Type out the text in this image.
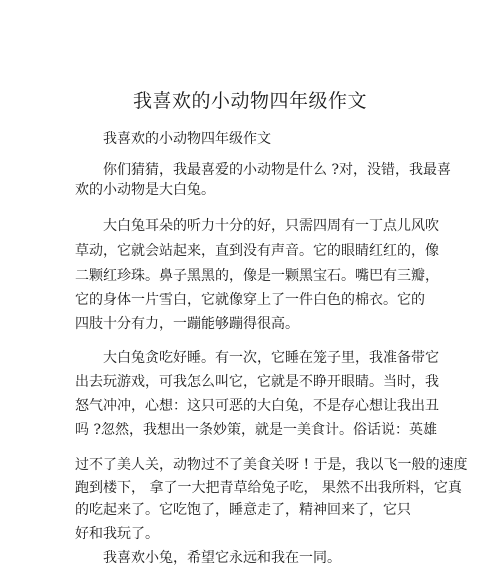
我喜欢的小动物四年级作文
我喜欢的小动物四年级作文
你们猜猜，我最喜爱的小动物是什么 ?对，没错，我最喜
欢的小动物是大白兔。
大白兔耳朵的听力十分的好，只需四周有一丁点儿风吹
草动，它就会站起来，直到没有声音。它的眼睛红红的，像
二颗红珍珠。鼻子黑黑的，像是一颗黑宝石。嘴巴有三瓣，
它的身体一片雪白，它就像穿上了一件白色的棉衣。它的
四肢十分有力，一蹦能够蹦得很高。
大白兔贪吃好睡。有一次，它睡在笼子里，我准备带它
出去玩游戏，可我怎么叫它，它就是不睁开眼睛。当时，我
怒气冲冲，心想：这只可恶的大白兔，不是存心想让我出丑
吗 ?忽然，我想出一条妙策，就是一美食计。俗话说：英雄
过不了美人关，动物过不了美食关呀 ! 于是，我以飞一般的速度
跑到楼下， 拿了一大把青草给兔子吃， 果然不出我所料，它真
的吃起来了。它吃饱了，睡意走了，精神回来了，它只
好和我玩了。
我喜欢小兔，希望它永远和我在一同。
